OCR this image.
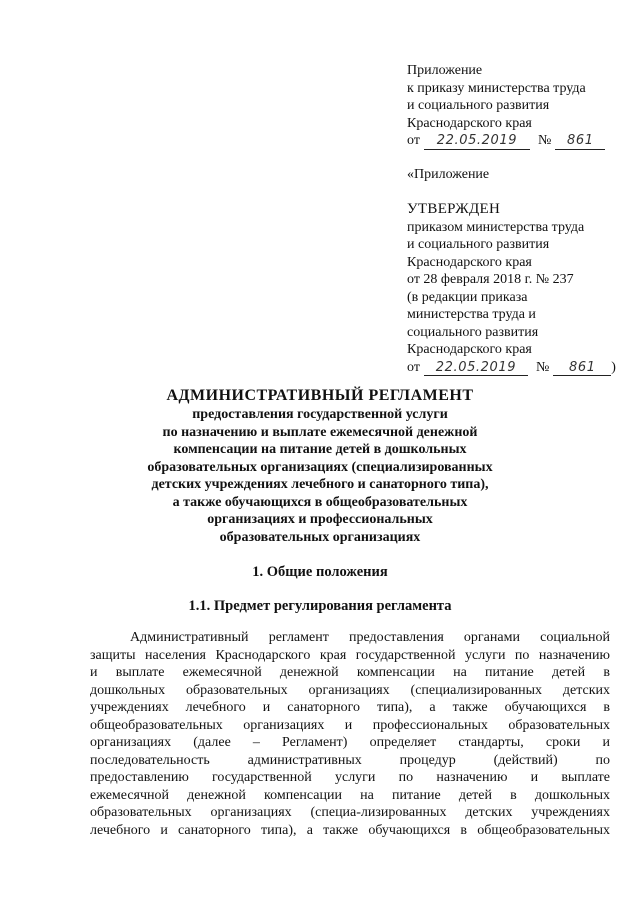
Приложение
к приказу министерства труда
и социального развития
Краснодарского края
от	22.05.2019	№	861
«Приложение
УТВЕРЖДЕН
приказом министерства труда
и социального развития
Краснодарского края
от 28 февраля 2018 г. № 237
(в редакции приказа
министерства труда и
социального развития
Краснодарского края
от	22.05.2019	№	861	)
АДМИНИСТРАТИВНЫЙ РЕГЛАМЕНТ
предоставления государственной услуги
по назначению и выплате ежемесячной денежной
компенсации на питание детей в дошкольных
образовательных организациях (специализированных
детских учреждениях лечебного и санаторного типа),
а также обучающихся в общеобразовательных
организациях и профессиональных
образовательных организациях
1. Общие положения
1.1. Предмет регулирования регламента
Административный регламент предоставления органами социальной
защиты населения Краснодарского края государственной услуги по назначению
и выплате ежемесячной денежной компенсации на питание детей в
дошкольных образовательных организациях (специализированных детских
учреждениях лечебного и санаторного типа), а также обучающихся в
общеобразовательных организациях и профессиональных образовательных
организациях (далее – Регламент) определяет стандарты, сроки и
последовательность административных процедур (действий) по
предоставлению государственной услуги по назначению и выплате
ежемесячной денежной компенсации на питание детей в дошкольных
образовательных организациях (специа-лизированных детских учреждениях
лечебного и санаторного типа), а также обучающихся в общеобразовательных
